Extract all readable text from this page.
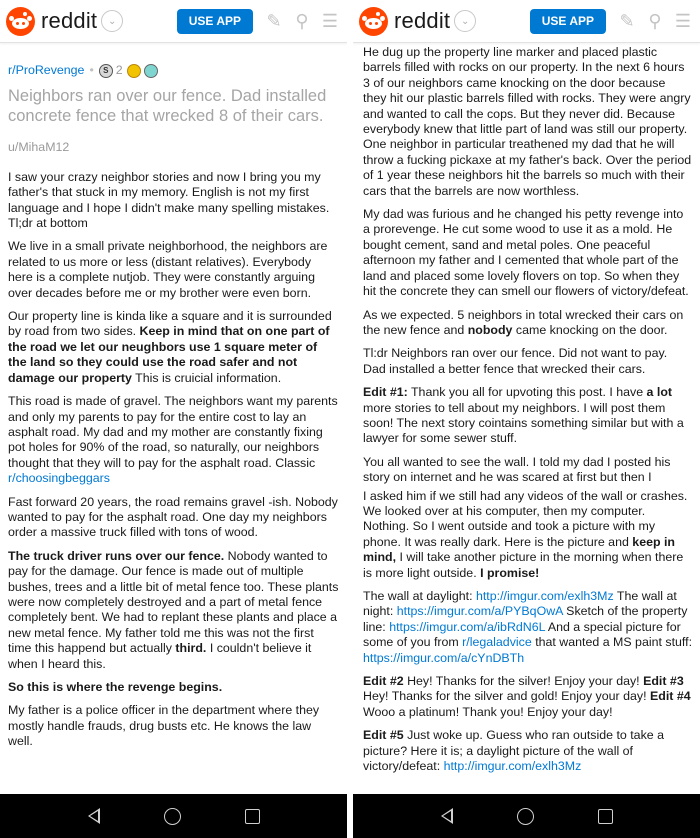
reddit	⌄	USE APP	✎ ⚲ ☰
r/ProRevenge •	S 2
Neighbors ran over our fence. Dad installed concrete fence that wrecked 8 of their cars.
u/MihaM12

I saw your crazy neighbor stories and now I bring you my father's that stuck in my memory. English is not my first language and I hope I didn't make many spelling mistakes. Tl;dr at bottom

We live in a small private neighborhood, the neighbors are related to us more or less (distant relatives). Everybody here is a complete nutjob. They were constantly arguing over decades before me or my brother were even born.

Our property line is kinda like a square and it is surrounded by road from two sides. Keep in mind that on one part of the road we let our neughbors use 1 square meter of the land so they could use the road safer and not damage our property This is cruicial information.

This road is made of gravel. The neighbors want my parents and only my parents to pay for the entire cost to lay an asphalt road. My dad and my mother are constantly fixing pot holes for 90% of the road, so naturally, our neighbors thought that they will to pay for the asphalt road. Classic r/choosingbeggars

Fast forward 20 years, the road remains gravel -ish. Nobody wanted to pay for the asphalt road. One day my neighbors order a massive truck filled with tons of wood.

The truck driver runs over our fence. Nobody wanted to pay for the damage. Our fence is made out of multiple bushes, trees and a little bit of metal fence too. These plants were now completely destroyed and a part of metal fence completely bent. We had to replant these plants and place a new metal fence. My father told me this was not the first time this happend but actually third. I couldn't believe it when I heard this.

So this is where the revenge begins.

My father is a police officer in the department where they mostly handle frauds, drug busts etc. He knows the law well.

reddit	⌄	USE APP	✎ ⚲ ☰

He dug up the property line marker and placed plastic barrels filled with rocks on our property. In the next 6 hours 3 of our neighbors came knocking on the door because they hit our plastic barrels filled with rocks. They were angry and wanted to call the cops. But they never did. Because everybody knew that little part of land was still our property. One neighbor in particular treathened my dad that he will throw a fucking pickaxe at my father's back. Over the period of 1 year these neighbors hit the barrels so much with their cars that the barrels are now worthless.

My dad was furious and he changed his petty revenge into a prorevenge. He cut some wood to use it as a mold. He bought cement, sand and metal poles. One peaceful afternoon my father and I cemented that whole part of the land and placed some lovely flovers on top. So when they hit the concrete they can smell our flowers of victory/defeat.

As we expected. 5 neighbors in total wrecked their cars on the new fence and nobody came knocking on the door.

Tl:dr Neighbors ran over our fence. Did not want to pay. Dad installed a better fence that wrecked their cars.

Edit #1: Thank you all for upvoting this post. I have a lot more stories to tell about my neighbors. I will post them soon! The next story cointains something similar but with a lawyer for some sewer stuff.

You all wanted to see the wall. I told my dad I posted his story on internet and he was scared at first but then I

I asked him if we still had any videos of the wall or crashes. We looked over at his computer, then my computer. Nothing. So I went outside and took a picture with my phone. It was really dark. Here is the picture and keep in mind, I will take another picture in the morning when there is more light outside. I promise!

The wall at daylight: http://imgur.com/exlh3Mz The wall at night: https://imgur.com/a/PYBqOwA Sketch of the property line: https://imgur.com/a/ibRdN6L And a special picture for some of you from r/legaladvice that wanted a MS paint stuff: https://imgur.com/a/cYnDBTh

Edit #2 Hey! Thanks for the silver! Enjoy your day! Edit #3 Hey! Thanks for the silver and gold! Enjoy your day! Edit #4 Wooo a platinum! Thank you! Enjoy your day!

Edit #5 Just woke up. Guess who ran outside to take a picture? Here it is; a daylight picture of the wall of victory/defeat: http://imgur.com/exlh3Mz
